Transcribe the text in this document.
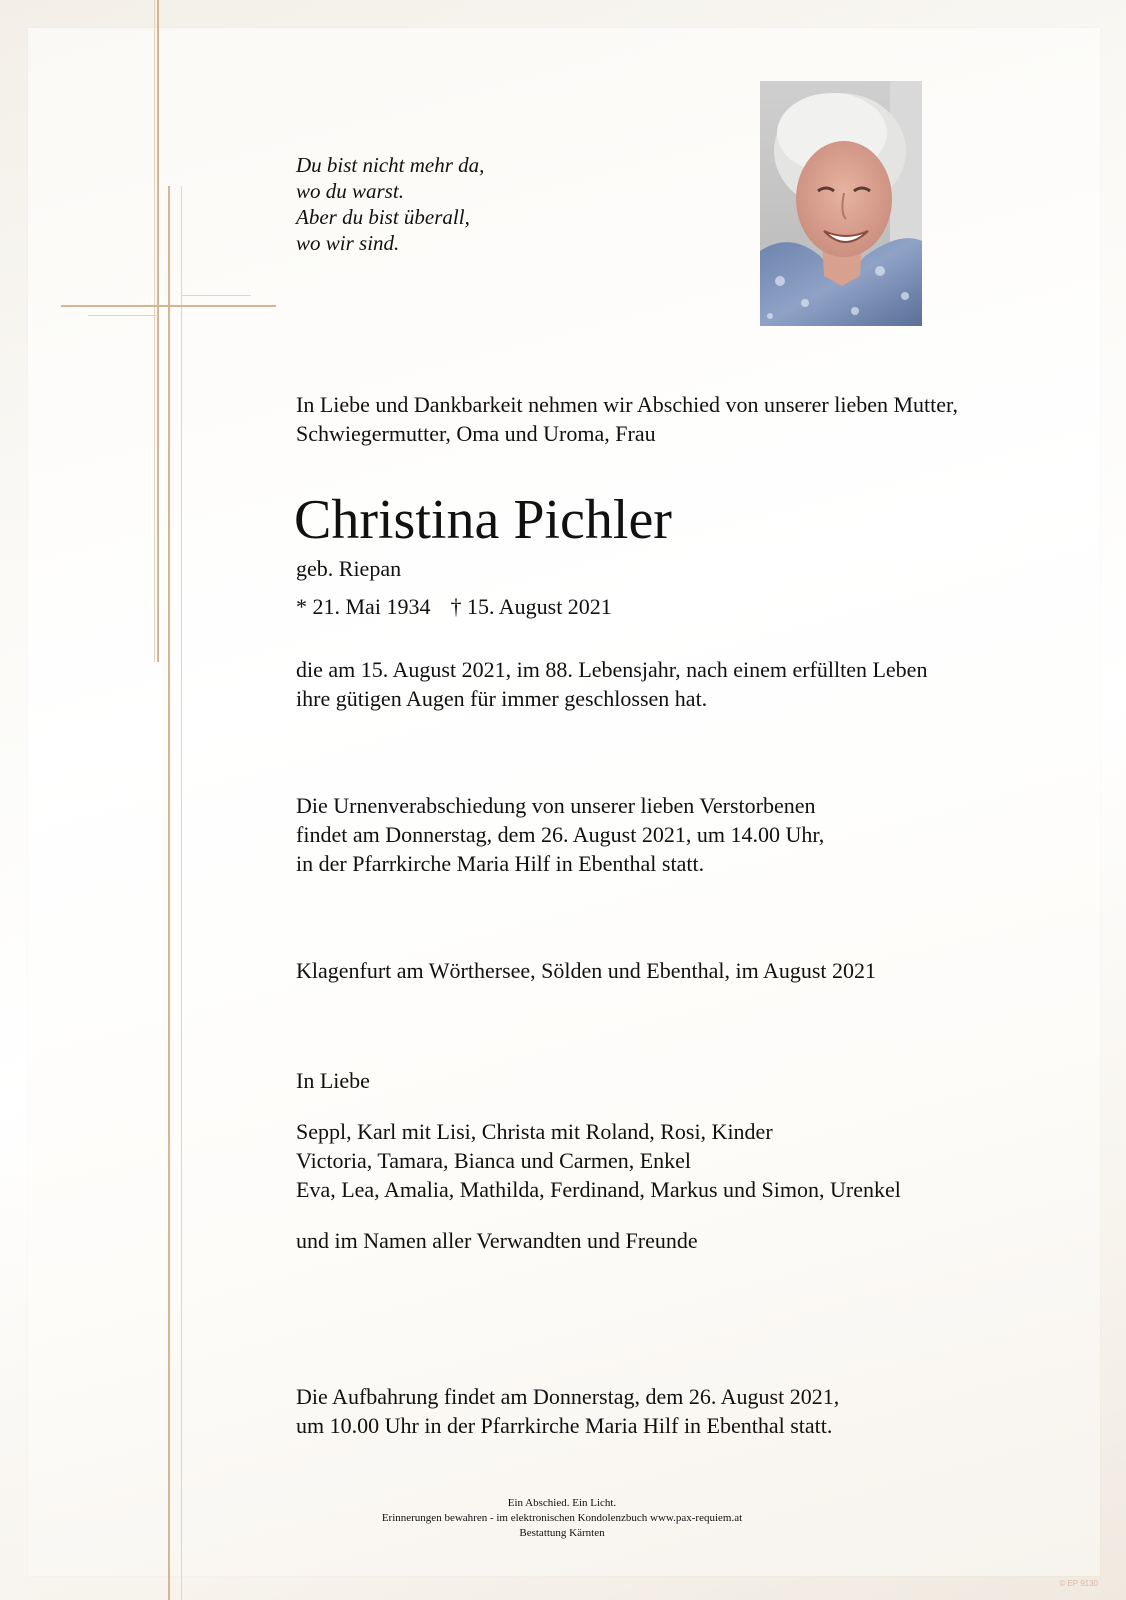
Du bist nicht mehr da,
wo du warst.
Aber du bist überall,
wo wir sind.
In Liebe und Dankbarkeit nehmen wir Abschied von unserer lieben Mutter,
Schwiegermutter, Oma und Uroma, Frau
Christina Pichler
geb. Riepan
* 21. Mai 1934 † 15. August 2021
die am 15. August 2021, im 88. Lebensjahr, nach einem erfüllten Leben
ihre gütigen Augen für immer geschlossen hat.
Die Urnenverabschiedung von unserer lieben Verstorbenen
findet am Donnerstag, dem 26. August 2021, um 14.00 Uhr,
in der Pfarrkirche Maria Hilf in Ebenthal statt.
Klagenfurt am Wörthersee, Sölden und Ebenthal, im August 2021
In Liebe
Seppl, Karl mit Lisi, Christa mit Roland, Rosi, Kinder
Victoria, Tamara, Bianca und Carmen, Enkel
Eva, Lea, Amalia, Mathilda, Ferdinand, Markus und Simon, Urenkel
und im Namen aller Verwandten und Freunde
Die Aufbahrung findet am Donnerstag, dem 26. August 2021,
um 10.00 Uhr in der Pfarrkirche Maria Hilf in Ebenthal statt.
Ein Abschied. Ein Licht.
Erinnerungen bewahren - im elektronischen Kondolenzbuch www.pax-requiem.at
Bestattung Kärnten
© EP 9130
